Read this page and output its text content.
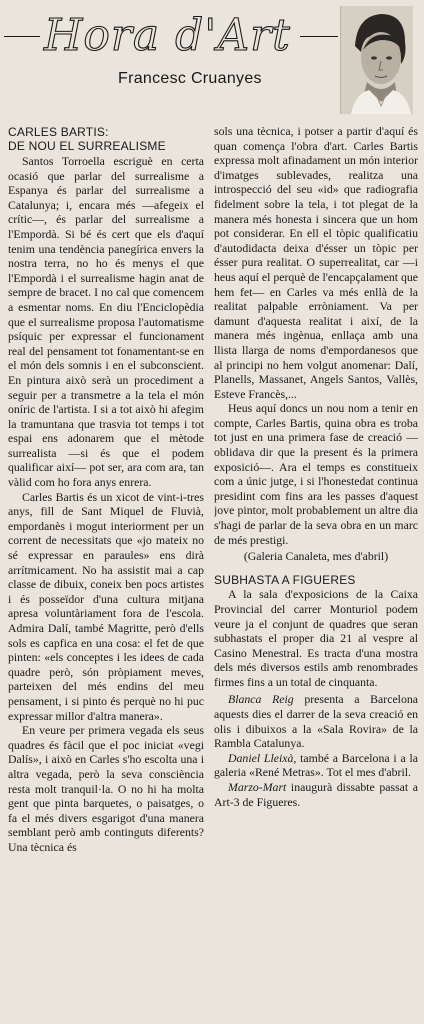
Hora d'Art
Francesc Cruanyes
CARLES BARTIS:
DE NOU EL SURREALISME

Santos Torroella escriguè en certa ocasió que parlar del surrealisme a Espanya és parlar del surrealisme a Catalunya; i, encara més —afegeix el crític—, és parlar del surrealisme a l'Empordà. Si bé és cert que els d'aquí tenim una tendència panegírica envers la nostra terra, no ho és menys el que l'Empordà i el surrealisme hagin anat de sempre de bracet. I no cal que comencem a esmentar noms. En diu l'Enciclopèdia que el surrealisme proposa l'automatisme psíquic per expressar el funcionament real del pensament tot fonamentant-se en el món dels somnis i en el subconscient. En pintura això serà un procediment a seguir per a transmetre a la tela el món oníric de l'artista. I si a tot això hi afegim la tramuntana que trasvia tot temps i tot espai ens adonarem que el mètode surrealista —si és que el podem qualificar així— pot ser, ara com ara, tan vàlid com ho fora anys enrera.

Carles Bartis és un xicot de vint-i-tres anys, fill de Sant Miquel de Fluvià, empordanès i mogut interiorment per un corrent de necessitats que «jo mateix no sé expressar en paraules» ens dirà arrítmicament. No ha assistit mai a cap classe de dibuix, coneix ben pocs artistes i és posseïdor d'una cultura mitjana apresa voluntàriament fora de l'escola. Admira Dalí, també Magritte, però d'ells sols es capfica en una cosa: el fet de que pinten: «els conceptes i les idees de cada quadre però, són pròpiament meves, parteixen del més endins del meu pensament, i si pinto és perquè no hi puc expressar millor d'altra manera».

En veure per primera vegada els seus quadres és fàcil que el poc iniciat «vegi Dalís», i això en Carles s'ho escolta una i altra vegada, però la seva consciència resta molt tranquil·la. O no hi ha molta gent que pinta barquetes, o paisatges, o fa el més divers esgarigot d'una manera semblant però amb continguts diferents? Una tècnica és

sols una tècnica, i potser a partir d'aquí és quan comença l'obra d'art. Carles Bartis expressa molt afinadament un món interior d'imatges sublevades, realitza una introspecció del seu «id» que radiografia fidelment sobre la tela, i tot plegat de la manera més honesta i sincera que un hom pot considerar. En ell el tòpic qualificatiu d'autodidacta deixa d'ésser un tòpic per ésser pura realitat. O superrealitat, car —i heus aquí el perquè de l'encapçalament que hem fet— en Carles va més enllà de la realitat palpable erròniament. Va per damunt d'aquesta realitat i així, de la manera més ingènua, enllaça amb una llista llarga de noms d'empordanesos que al principi no hem volgut anomenar: Dalí, Planells, Massanet, Angels Santos, Vallès, Esteve Francès,...

Heus aquí doncs un nou nom a tenir en compte, Carles Bartis, quina obra es troba tot just en una primera fase de creació —oblidava dir que la present és la primera exposició—. Ara el temps es constitueix com a únic jutge, i si l'honestedat continua presidint com fins ara les passes d'aquest jove pintor, molt probablement un altre dia s'hagi de parlar de la seva obra en un marc de més prestigi.

(Galeria Canaleta, mes d'abril)

SUBHASTA A FIGUERES

A la sala d'exposicions de la Caixa Provincial del carrer Monturiol podem veure ja el conjunt de quadres que seran subhastats el proper dia 21 al vespre al Casino Menestral. Es tracta d'una mostra dels més diversos estils amb renombrades firmes fins a un total de cinquanta.

Blanca Reig presenta a Barcelona aquests dies el darrer de la seva creació en olis i dibuixos a la «Sala Rovira» de la Rambla Catalunya.

Daniel Lleixà, també a Barcelona i a la galeria «René Metras». Tot el mes d'abril.

Marzo-Mart inaugurà dissabte passat a Art-3 de Figueres.
